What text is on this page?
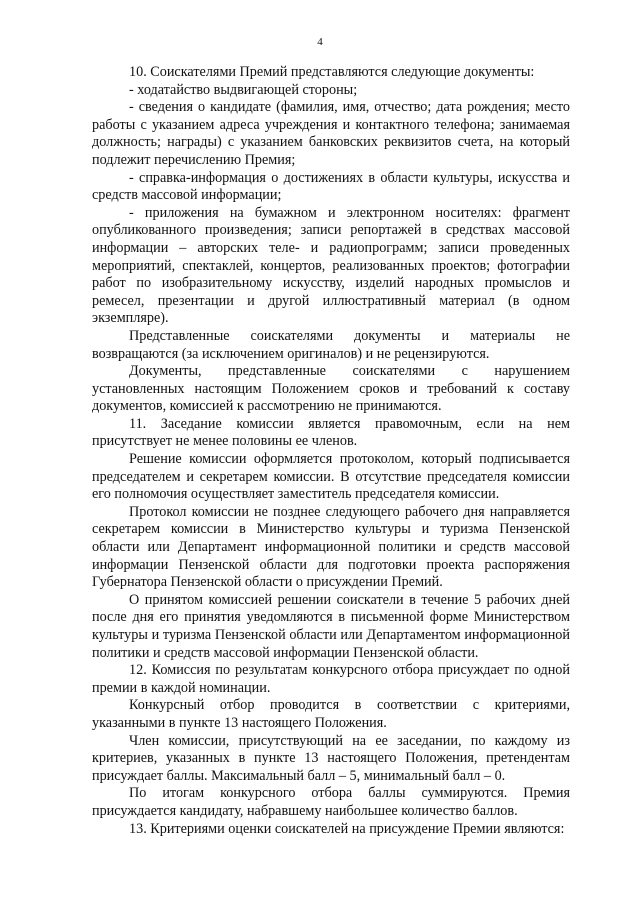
4

10. Соискателями Премий представляются следующие документы:

- ходатайство выдвигающей стороны;

- сведения о кандидате (фамилия, имя, отчество; дата рождения; место работы с указанием адреса учреждения и контактного телефона; занимаемая должность; награды) с указанием банковских реквизитов счета, на который подлежит перечислению Премия;

- справка-информация о достижениях в области культуры, искусства и средств массовой информации;

- приложения на бумажном и электронном носителях: фрагмент опубликованного произведения; записи репортажей в средствах массовой информации – авторских теле- и радиопрограмм; записи проведенных мероприятий, спектаклей, концертов, реализованных проектов; фотографии работ по изобразительному искусству, изделий народных промыслов и ремесел, презентации и другой иллюстративный материал (в одном экземпляре).

Представленные соискателями документы и материалы не возвращаются (за исключением оригиналов) и не рецензируются.

Документы, представленные соискателями с нарушением установленных настоящим Положением сроков и требований к составу документов, комиссией к рассмотрению не принимаются.

11. Заседание комиссии является правомочным, если на нем присутствует не менее половины ее членов.

Решение комиссии оформляется протоколом, который подписывается председателем и секретарем комиссии. В отсутствие председателя комиссии его полномочия осуществляет заместитель председателя комиссии.

Протокол комиссии не позднее следующего рабочего дня направляется секретарем комиссии в Министерство культуры и туризма Пензенской области или Департамент информационной политики и средств массовой информации Пензенской области для подготовки проекта распоряжения Губернатора Пензенской области о присуждении Премий.

О принятом комиссией решении соискатели в течение 5 рабочих дней после дня его принятия уведомляются в письменной форме Министерством культуры и туризма Пензенской области или Департаментом информационной политики и средств массовой информации Пензенской области.

12. Комиссия по результатам конкурсного отбора присуждает по одной премии в каждой номинации.

Конкурсный отбор проводится в соответствии с критериями, указанными в пункте 13 настоящего Положения.

Член комиссии, присутствующий на ее заседании, по каждому из критериев, указанных в пункте 13 настоящего Положения, претендентам присуждает баллы. Максимальный балл – 5, минимальный балл – 0.

По итогам конкурсного отбора баллы суммируются. Премия присуждается кандидату, набравшему наибольшее количество баллов.

13. Критериями оценки соискателей на присуждение Премии являются:
